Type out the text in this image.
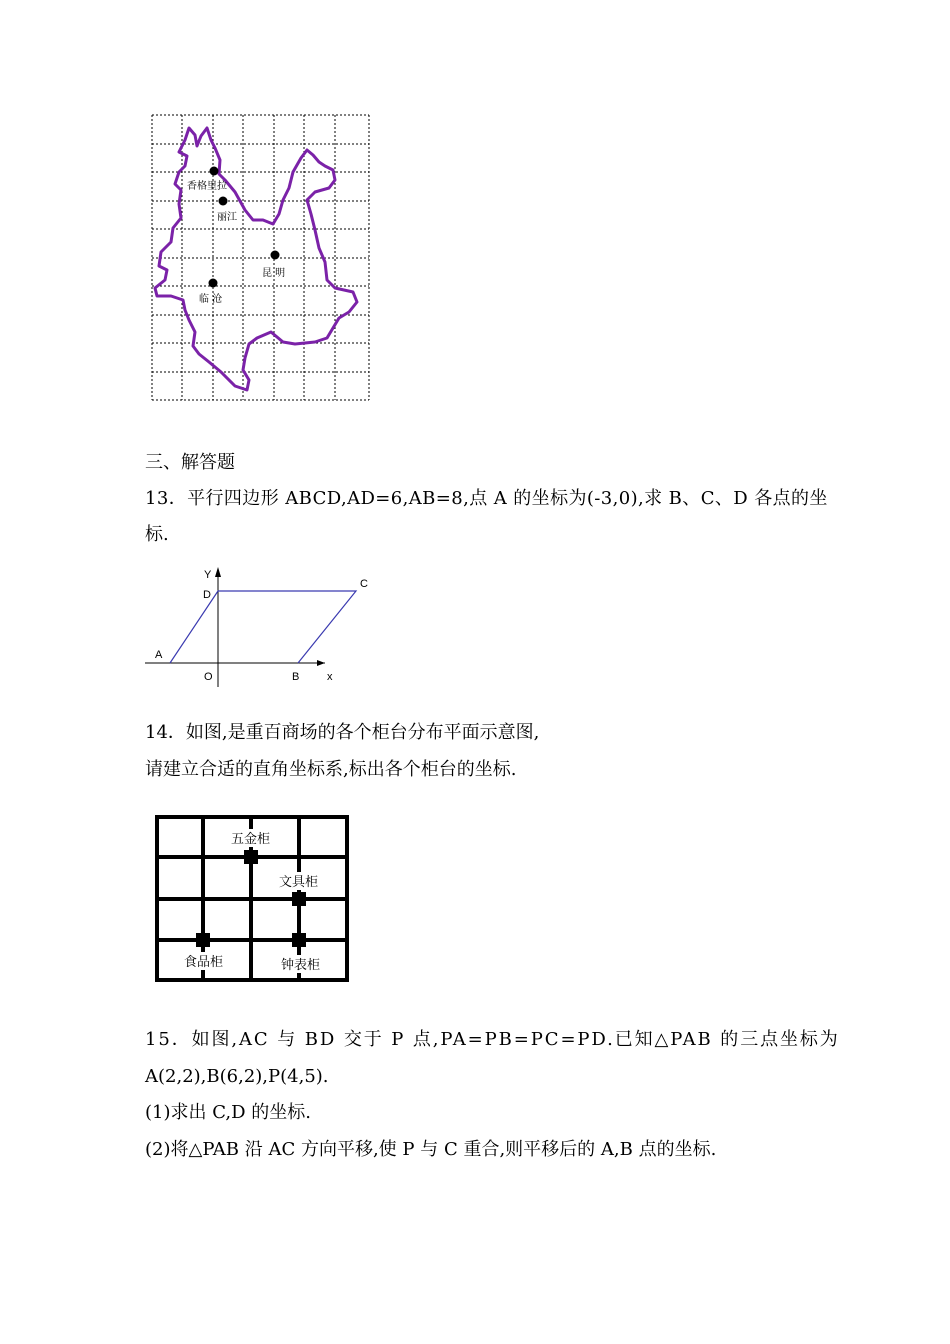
香格里拉
丽江
昆 明
临 沧
三、解答题
13．平行四边形 ABCD,AD=6,AB=8,点 A 的坐标为(-3,0),求 B、C、D 各点的坐
标.
Y
D
C
A
O	B	x
14．如图,是重百商场的各个柜台分布平面示意图,
请建立合适的直角坐标系,标出各个柜台的坐标.
五金柜
文具柜
食品柜	钟表柜
15．如图,AC 与 BD 交于 P 点,PA=PB=PC=PD.已知△PAB 的三点坐标为
A(2,2),B(6,2),P(4,5).
(1)求出 C,D 的坐标.
(2)将△PAB 沿 AC 方向平移,使 P 与 C 重合,则平移后的 A,B 点的坐标.
